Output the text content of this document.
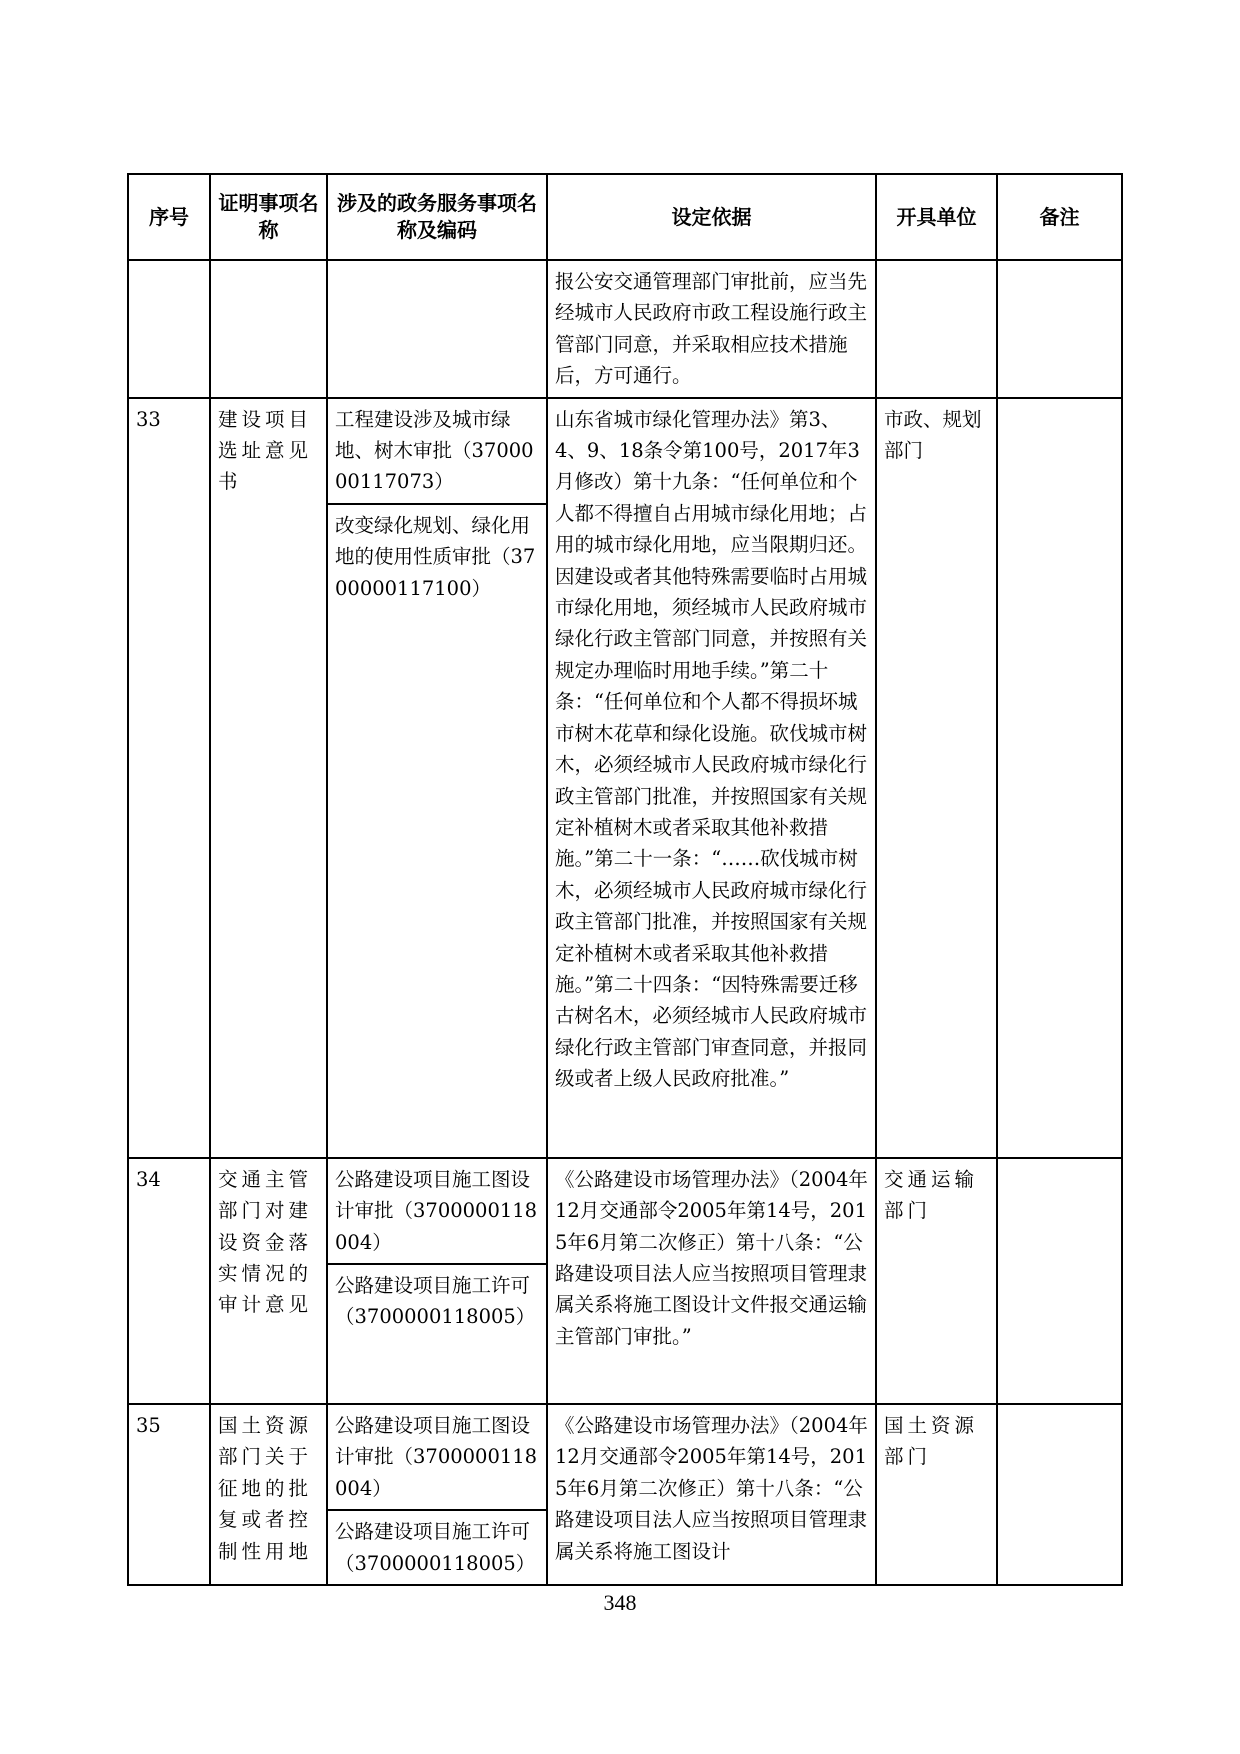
序号	证明事项名称	涉及的政务服务事项名称及编码	设定依据	开具单位	备注
			报公安交通管理部门审批前，应当先经城市人民政府市政工程设施行政主管部门同意，并采取相应技术措施后，方可通行。		
33	建设项目选址意见书	工程建设涉及城市绿地、树木审批（3700000117073）	山东省城市绿化管理办法》第3、4、9、18条令第100号，2017年3月修改）第十九条：“任何单位和个人都不得擅自占用城市绿化用地；占用的城市绿化用地，应当限期归还。因建设或者其他特殊需要临时占用城市绿化用地，须经城市人民政府城市绿化行政主管部门同意，并按照有关规定办理临时用地手续。”第二十条：“任何单位和个人都不得损坏城市树木花草和绿化设施。砍伐城市树木，必须经城市人民政府城市绿化行政主管部门批准，并按照国家有关规定补植树木或者采取其他补救措施。”第二十一条：“……砍伐城市树木，必须经城市人民政府城市绿化行政主管部门批准，并按照国家有关规定补植树木或者采取其他补救措施。”第二十四条：“因特殊需要迁移古树名木，必须经城市人民政府城市绿化行政主管部门审查同意，并报同级或者上级人民政府批准。”	市政、规划部门	
		改变绿化规划、绿化用地的使用性质审批（3700000117100）			
34	交通主管部门对建设资金落实情况的审计意见	公路建设项目施工图设计审批（3700000118004）	《公路建设市场管理办法》（2004年12月交通部令2005年第14号，2015年6月第二次修正）第十八条：“公路建设项目法人应当按照项目管理隶属关系将施工图设计文件报交通运输主管部门审批。”	交通运输部门	
		公路建设项目施工许可（3700000118005）			
35	国土资源部门关于征地的批复或者控制性用地	公路建设项目施工图设计审批（3700000118004）	《公路建设市场管理办法》（2004年12月交通部令2005年第14号，2015年6月第二次修正）第十八条：“公路建设项目法人应当按照项目管理隶属关系将施工图设计	国土资源部门	
		公路建设项目施工许可（3700000118005）			
348
